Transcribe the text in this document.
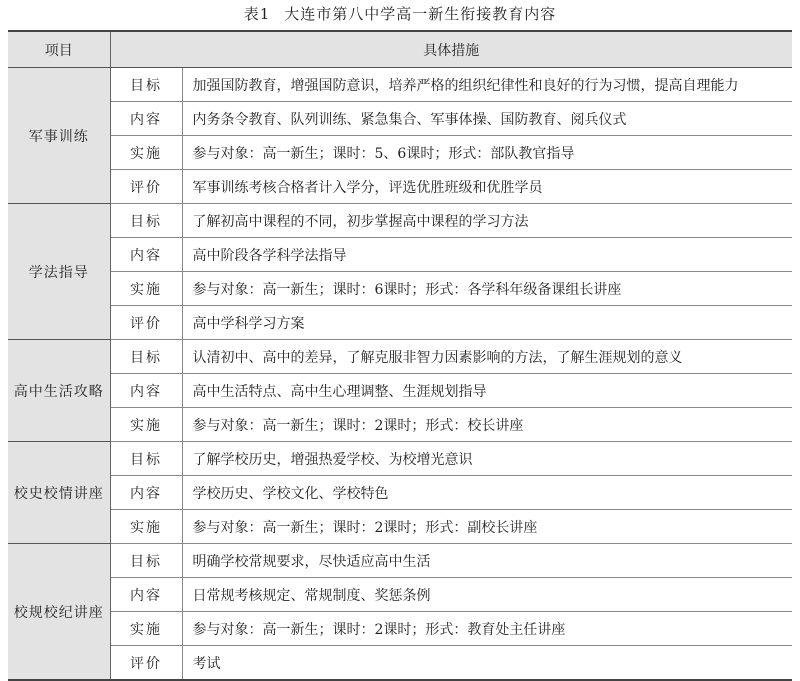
表1 大连市第八中学高一新生衔接教育内容
项目	具体措施	
军事训练	目标	加强国防教育，增强国防意识，培养严格的组织纪律性和良好的行为习惯，提高自理能力
	内容	内务条令教育、队列训练、紧急集合、军事体操、国防教育、阅兵仪式
	实施	参与对象：高一新生；课时：5、6课时；形式：部队教官指导
	评价	军事训练考核合格者计入学分，评选优胜班级和优胜学员
学法指导	目标	了解初高中课程的不同，初步掌握高中课程的学习方法
	内容	高中阶段各学科学法指导
	实施	参与对象：高一新生；课时：6课时；形式：各学科年级备课组长讲座
	评价	高中学科学习方案
高中生活攻略	目标	认清初中、高中的差异，了解克服非智力因素影响的方法，了解生涯规划的意义
	内容	高中生活特点、高中生心理调整、生涯规划指导
	实施	参与对象：高一新生；课时：2课时；形式：校长讲座
校史校情讲座	目标	了解学校历史，增强热爱学校、为校增光意识
	内容	学校历史、学校文化、学校特色
	实施	参与对象：高一新生；课时：2课时；形式：副校长讲座
校规校纪讲座	目标	明确学校常规要求，尽快适应高中生活
	内容	日常规考核规定、常规制度、奖惩条例
	实施	参与对象：高一新生；课时：2课时；形式：教育处主任讲座
	评价	考试
